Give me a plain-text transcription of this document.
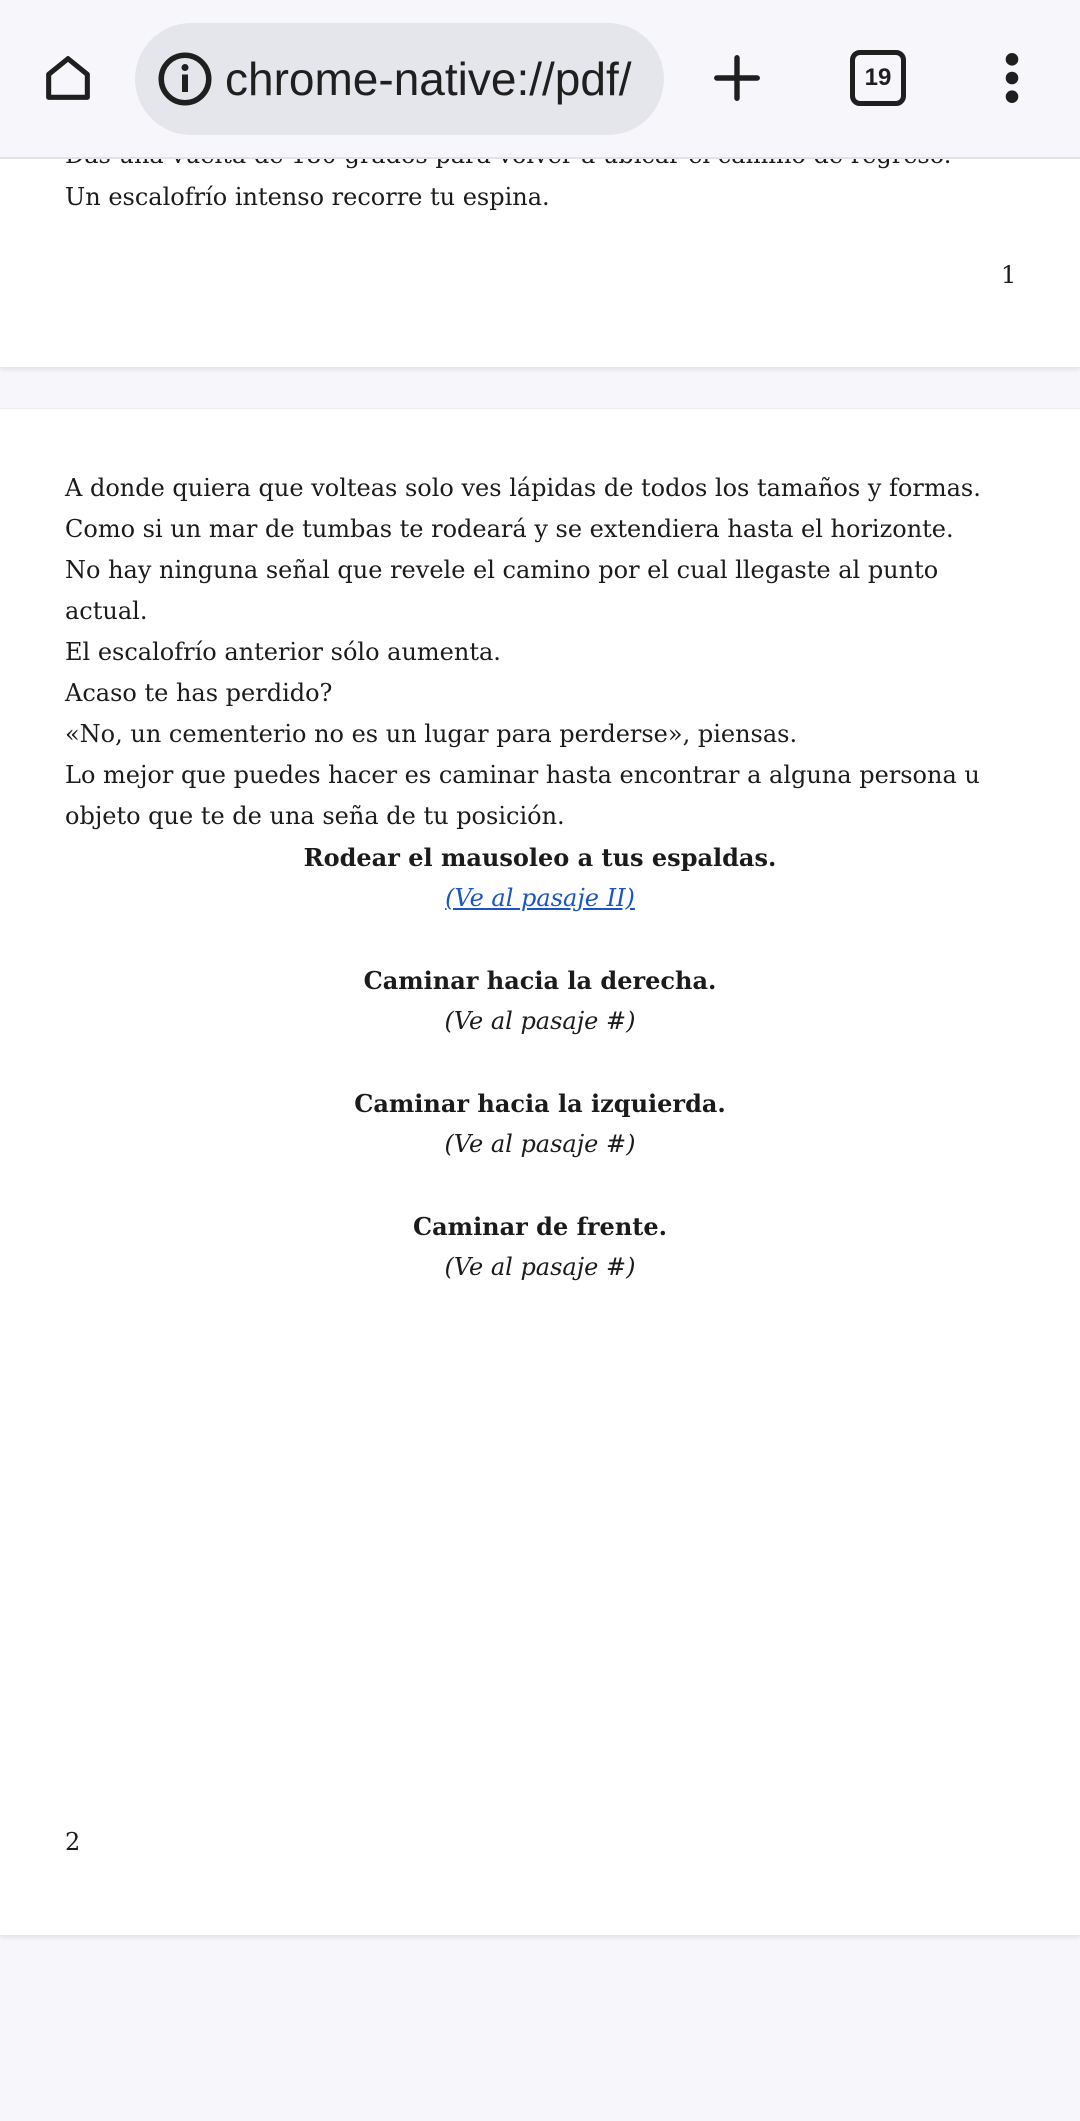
Un escalofrío intenso recorre tu espina.
1

A donde quiera que volteas solo ves lápidas de todos los tamaños y formas. Como si un mar de tumbas te rodeará y se extendiera hasta el horizonte.

No hay ninguna señal que revele el camino por el cual llegaste al punto actual.

El escalofrío anterior sólo aumenta.

Acaso te has perdido?

«No, un cementerio no es un lugar para perderse», piensas.

Lo mejor que puedes hacer es caminar hasta encontrar a alguna persona u objeto que te de una seña de tu posición.

Rodear el mausoleo a tus espaldas.
(Ve al pasaje II)
Caminar hacia la derecha.
(Ve al pasaje #)
Caminar hacia la izquierda.
(Ve al pasaje #)
Caminar de frente.
(Ve al pasaje #)
2
chrome-native://pdf/	19
